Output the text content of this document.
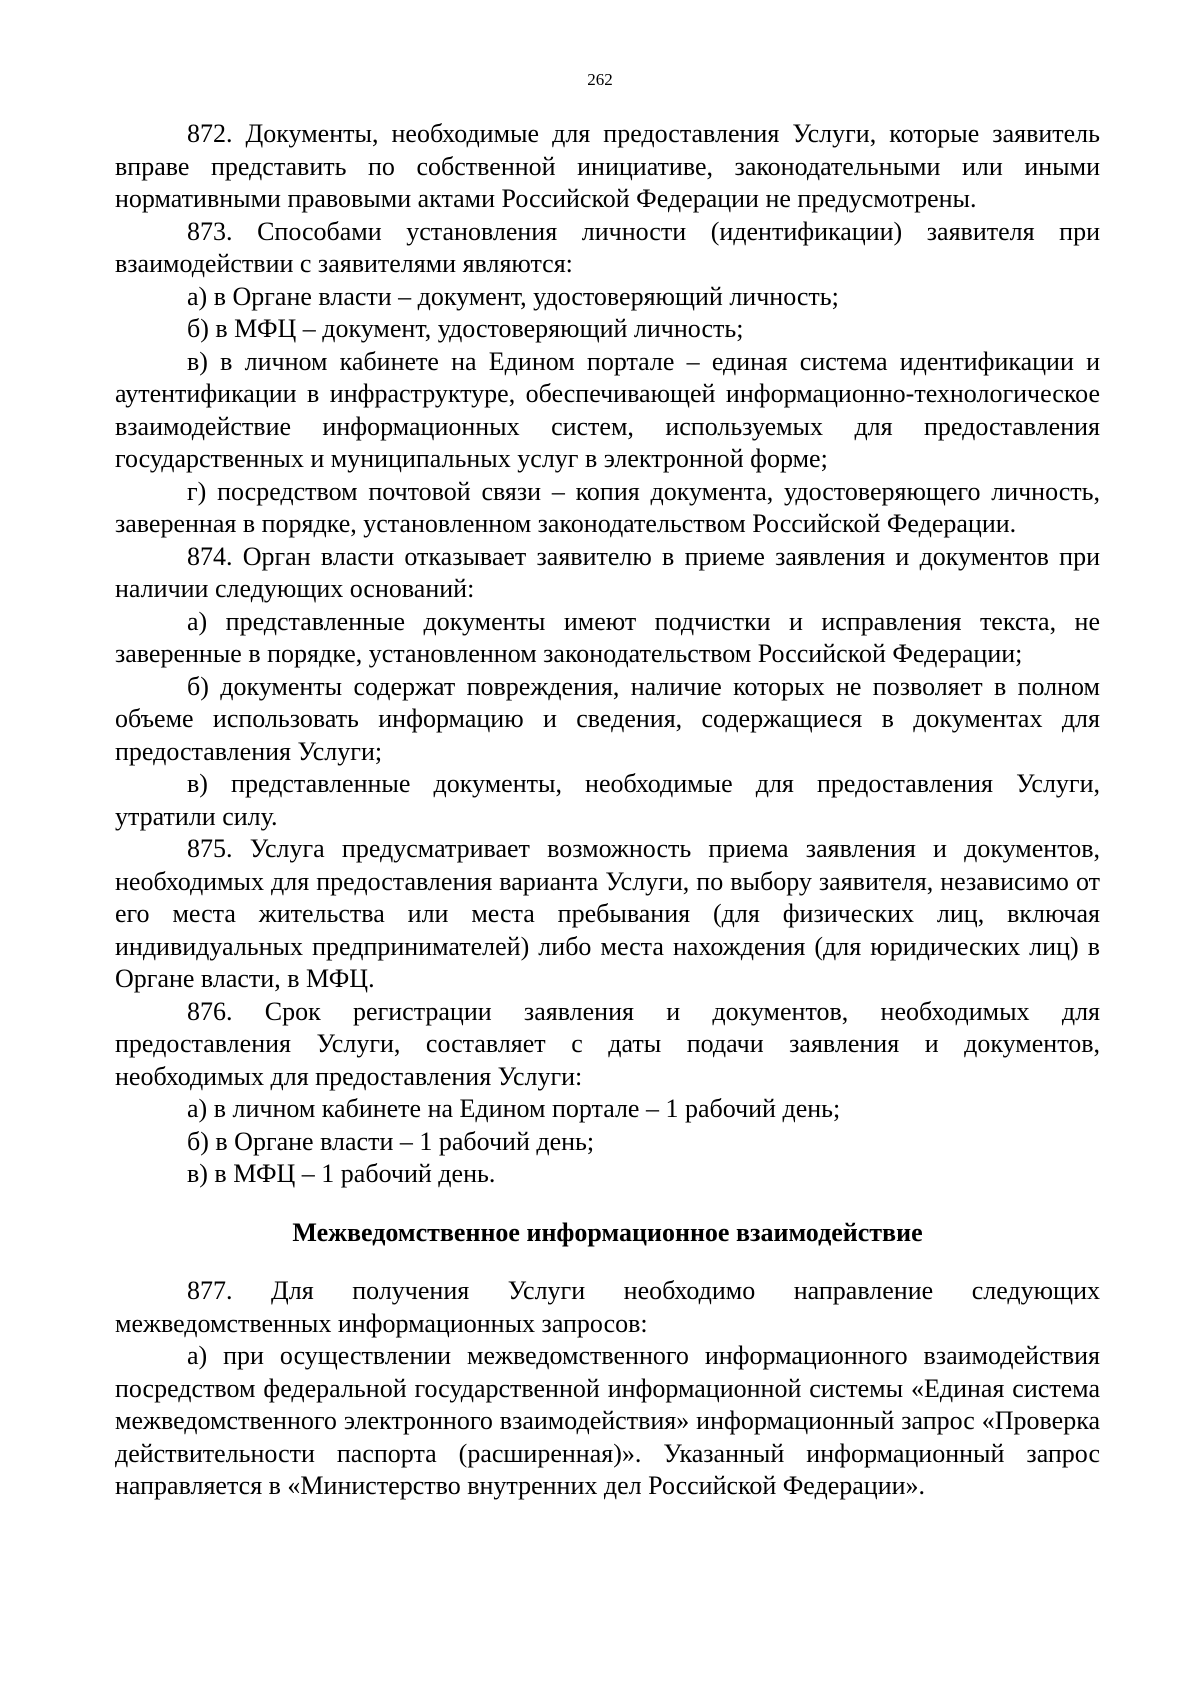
262

872. Документы, необходимые для предоставления Услуги, которые заявитель вправе представить по собственной инициативе, законодательными или иными нормативными правовыми актами Российской Федерации не предусмотрены.

873. Способами установления личности (идентификации) заявителя при взаимодействии с заявителями являются:

а) в Органе власти – документ, удостоверяющий личность;

б) в МФЦ – документ, удостоверяющий личность;

в) в личном кабинете на Едином портале – единая система идентификации и аутентификации в инфраструктуре, обеспечивающей информационно-технологическое взаимодействие информационных систем, используемых для предоставления государственных и муниципальных услуг в электронной форме;

г) посредством почтовой связи – копия документа, удостоверяющего личность, заверенная в порядке, установленном законодательством Российской Федерации.

874. Орган власти отказывает заявителю в приеме заявления и документов при наличии следующих оснований:

а) представленные документы имеют подчистки и исправления текста, не заверенные в порядке, установленном законодательством Российской Федерации;

б) документы содержат повреждения, наличие которых не позволяет в полном объеме использовать информацию и сведения, содержащиеся в документах для предоставления Услуги;

в) представленные документы, необходимые для предоставления Услуги, утратили силу.

875. Услуга предусматривает возможность приема заявления и документов, необходимых для предоставления варианта Услуги, по выбору заявителя, независимо от его места жительства или места пребывания (для физических лиц, включая индивидуальных предпринимателей) либо места нахождения (для юридических лиц) в Органе власти, в МФЦ.

876. Срок регистрации заявления и документов, необходимых для предоставления Услуги, составляет с даты подачи заявления и документов, необходимых для предоставления Услуги:

а) в личном кабинете на Едином портале – 1 рабочий день;

б) в Органе власти – 1 рабочий день;

в) в МФЦ – 1 рабочий день.

Межведомственное информационное взаимодействие

877. Для получения Услуги необходимо направление следующих межведомственных информационных запросов:

а) при осуществлении межведомственного информационного взаимодействия посредством федеральной государственной информационной системы «Единая система межведомственного электронного взаимодействия» информационный запрос «Проверка действительности паспорта (расширенная)». Указанный информационный запрос направляется в «Министерство внутренних дел Российской Федерации».
